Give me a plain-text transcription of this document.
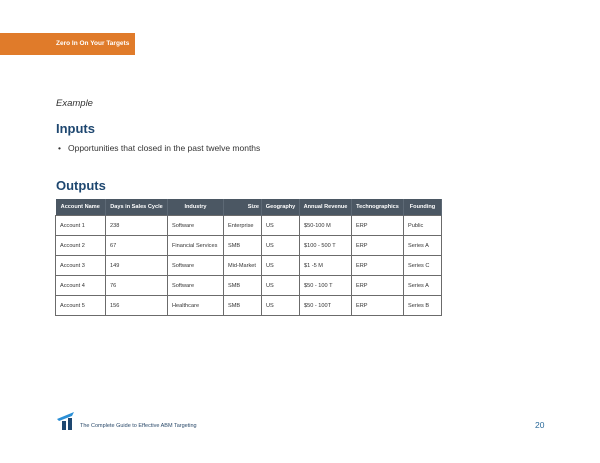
Zero In On Your Targets
Example
Inputs
• Opportunities that closed in the past twelve months
Outputs
Account Name	Days in Sales Cycle	Industry	Size	Geography	Annual Revenue	Technographics	Founding
Account 1	238	Software	Enterprise	US	$50-100 M	ERP	Public
Account 2	67	Financial Services	SMB	US	$100 - 500 T	ERP	Series A
Account 3	149	Software	Mid-Market	US	$1 -5 M	ERP	Series C
Account 4	76	Software	SMB	US	$50 - 100 T	ERP	Series A
Account 5	156	Healthcare	SMB	US	$50 - 100T	ERP	Series B
The Complete Guide to Effective ABM Targeting	20
